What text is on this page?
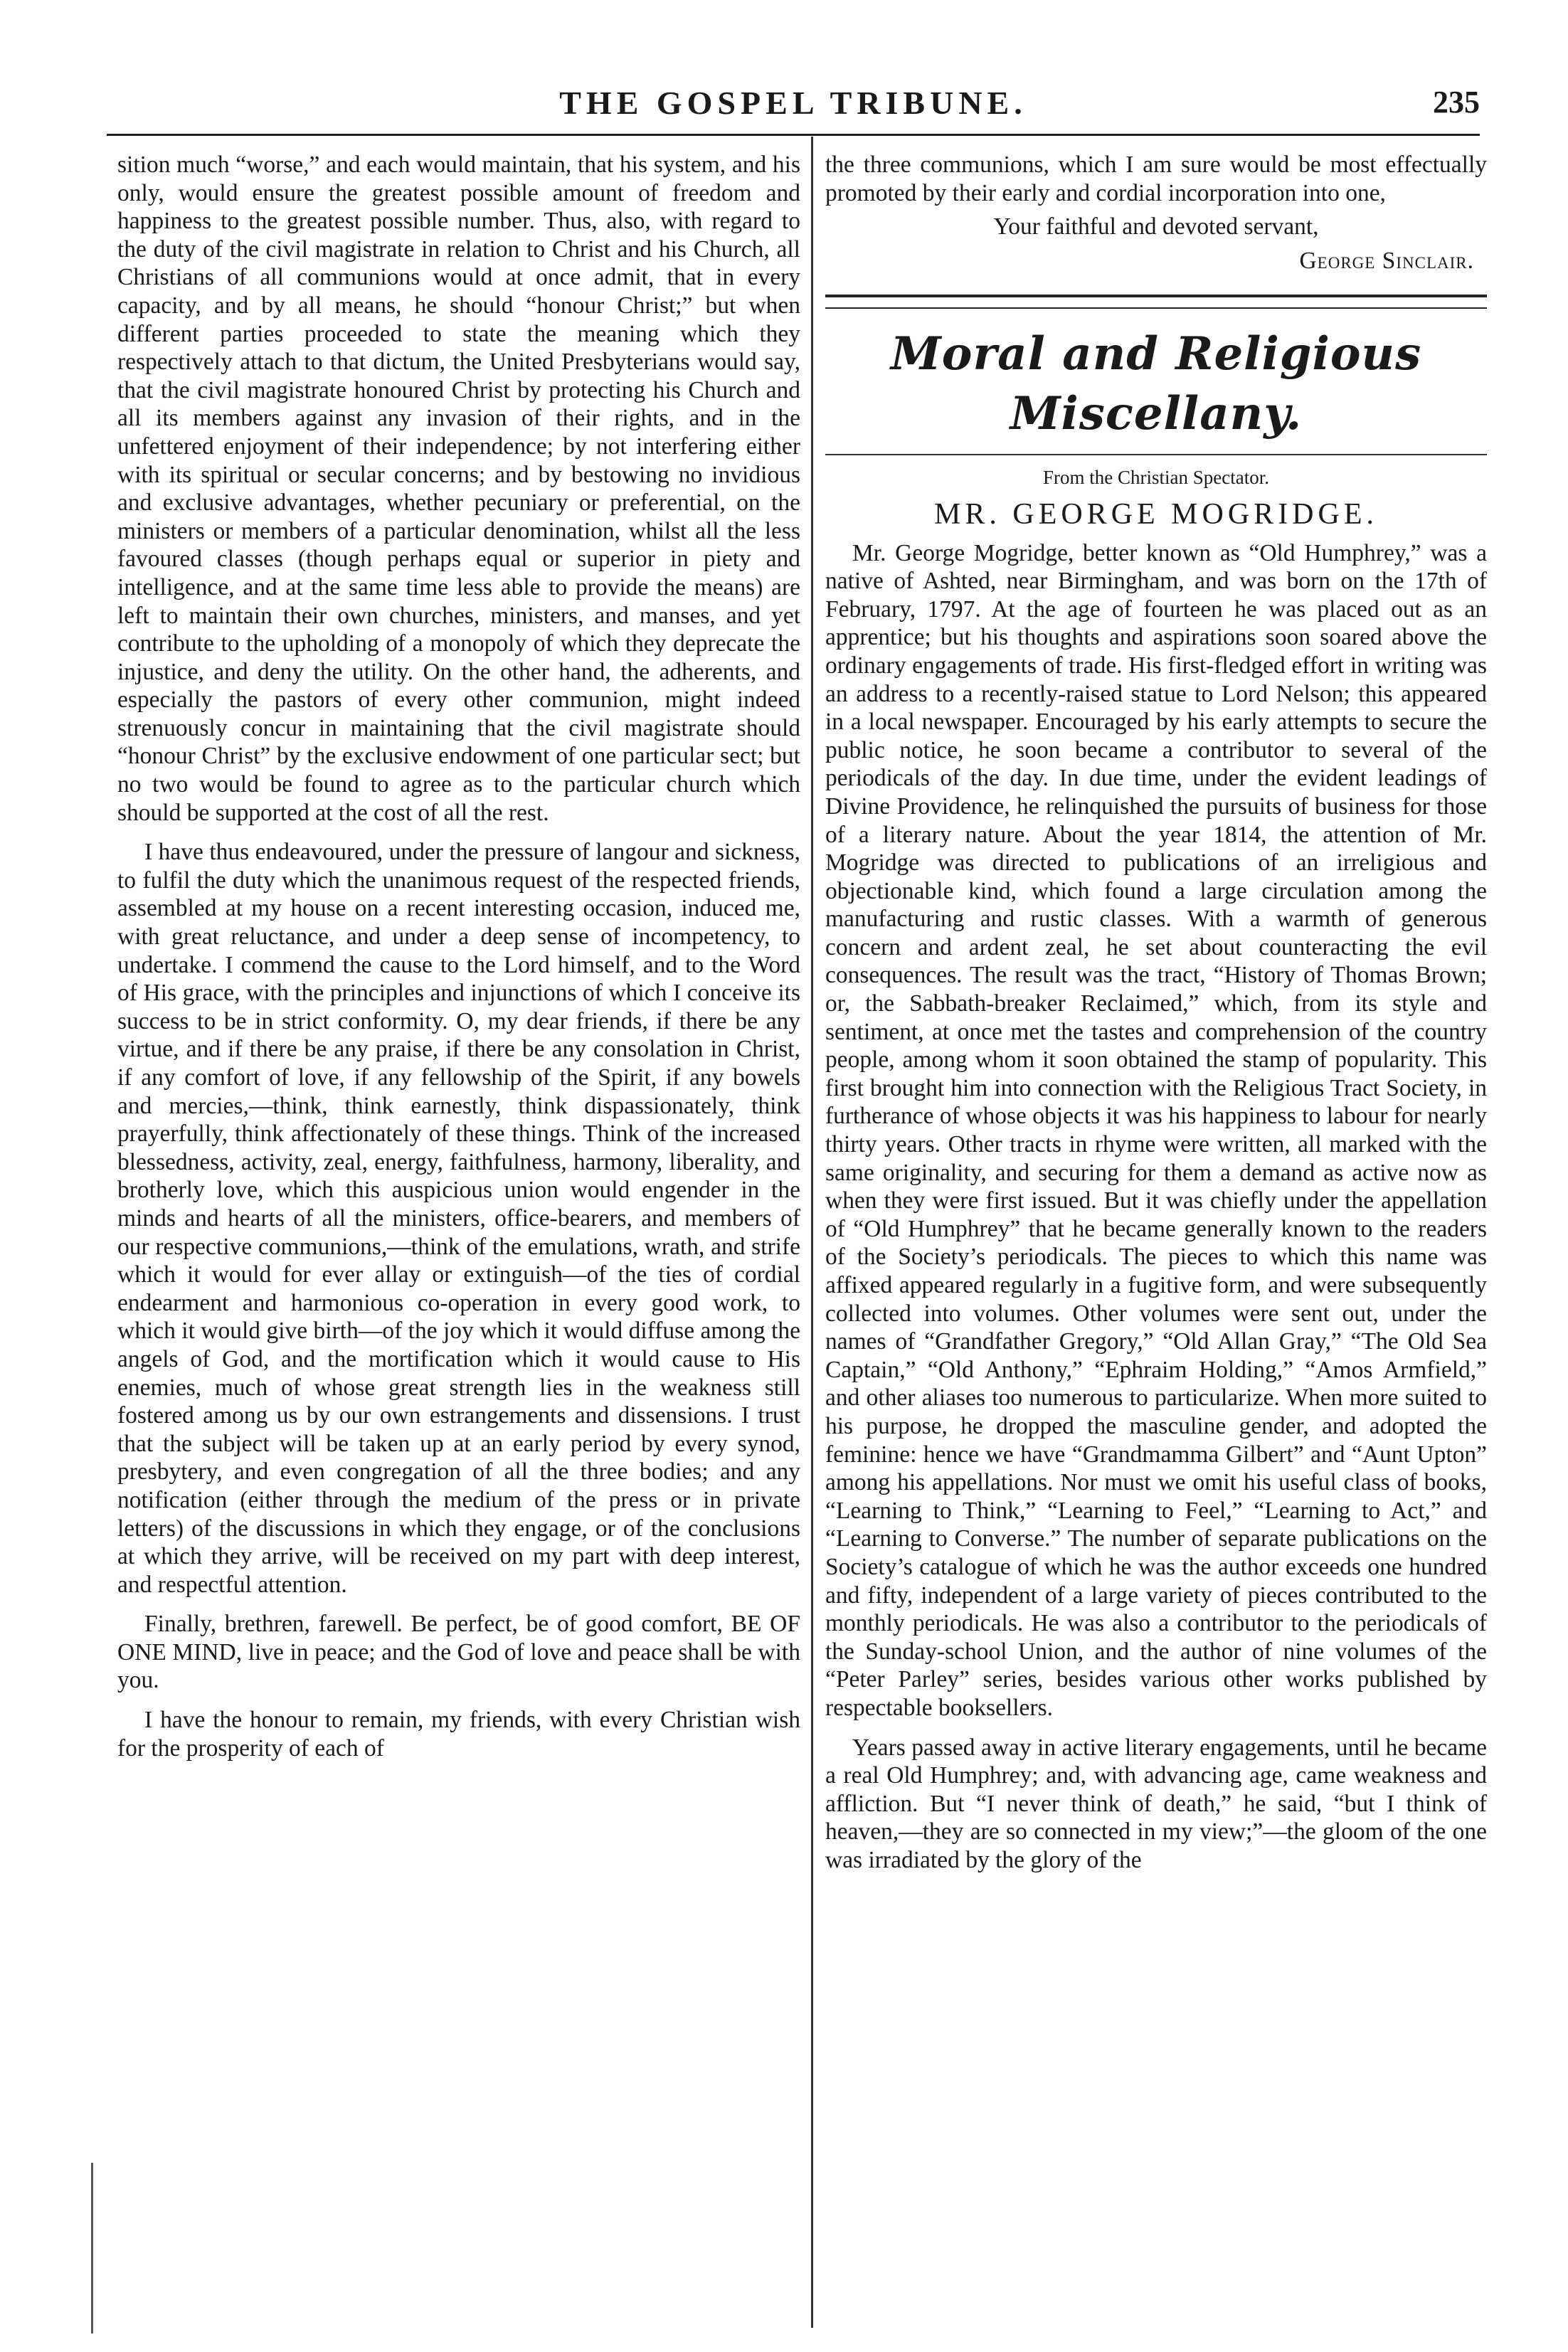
THE GOSPEL TRIBUNE.	235

sition much “worse,” and each would maintain, that his system, and his only, would ensure the greatest possible amount of freedom and happiness to the greatest possible number. Thus, also, with regard to the duty of the civil magistrate in relation to Christ and his Church, all Christians of all communions would at once admit, that in every capacity, and by all means, he should “honour Christ;” but when different parties proceeded to state the meaning which they respectively attach to that dictum, the United Presbyterians would say, that the civil magistrate honoured Christ by protecting his Church and all its members against any invasion of their rights, and in the unfettered enjoyment of their independence; by not interfering either with its spiritual or secular concerns; and by bestowing no invidious and exclusive advantages, whether pecuniary or preferential, on the ministers or members of a particular denomination, whilst all the less favoured classes (though perhaps equal or superior in piety and intelligence, and at the same time less able to provide the means) are left to maintain their own churches, ministers, and manses, and yet contribute to the upholding of a monopoly of which they deprecate the injustice, and deny the utility. On the other hand, the adherents, and especially the pastors of every other communion, might indeed strenuously concur in maintaining that the civil magistrate should “honour Christ” by the exclusive endowment of one particular sect; but no two would be found to agree as to the particular church which should be supported at the cost of all the rest.

I have thus endeavoured, under the pressure of langour and sickness, to fulfil the duty which the unanimous request of the respected friends, assembled at my house on a recent interesting occasion, induced me, with great reluctance, and under a deep sense of incompetency, to undertake. I commend the cause to the Lord himself, and to the Word of His grace, with the principles and injunctions of which I conceive its success to be in strict conformity. O, my dear friends, if there be any virtue, and if there be any praise, if there be any consolation in Christ, if any comfort of love, if any fellowship of the Spirit, if any bowels and mercies,—think, think earnestly, think dispassionately, think prayerfully, think affectionately of these things. Think of the increased blessedness, activity, zeal, energy, faithfulness, harmony, liberality, and brotherly love, which this auspicious union would engender in the minds and hearts of all the ministers, office-bearers, and members of our respective communions,—think of the emulations, wrath, and strife which it would for ever allay or extinguish—of the ties of cordial endearment and harmonious co-operation in every good work, to which it would give birth—of the joy which it would diffuse among the angels of God, and the mortification which it would cause to His enemies, much of whose great strength lies in the weakness still fostered among us by our own estrangements and dissensions. I trust that the subject will be taken up at an early period by every synod, presbytery, and even congregation of all the three bodies; and any notification (either through the medium of the press or in private letters) of the discussions in which they engage, or of the conclusions at which they arrive, will be received on my part with deep interest, and respectful attention.

Finally, brethren, farewell. Be perfect, be of good comfort, BE OF ONE MIND, live in peace; and the God of love and peace shall be with you.

I have the honour to remain, my friends, with every Christian wish for the prosperity of each of

the three communions, which I am sure would be most effectually promoted by their early and cordial incorporation into one,

Your faithful and devoted servant,

George Sinclair.

Moral and Religious Miscellany.

From the Christian Spectator.

MR. GEORGE MOGRIDGE.

Mr. George Mogridge, better known as “Old Humphrey,” was a native of Ashted, near Birmingham, and was born on the 17th of February, 1797. At the age of fourteen he was placed out as an apprentice; but his thoughts and aspirations soon soared above the ordinary engagements of trade. His first-fledged effort in writing was an address to a recently-raised statue to Lord Nelson; this appeared in a local newspaper. Encouraged by his early attempts to secure the public notice, he soon became a contributor to several of the periodicals of the day. In due time, under the evident leadings of Divine Providence, he relinquished the pursuits of business for those of a literary nature. About the year 1814, the attention of Mr. Mogridge was directed to publications of an irreligious and objectionable kind, which found a large circulation among the manufacturing and rustic classes. With a warmth of generous concern and ardent zeal, he set about counteracting the evil consequences. The result was the tract, “History of Thomas Brown; or, the Sabbath-breaker Reclaimed,” which, from its style and sentiment, at once met the tastes and comprehension of the country people, among whom it soon obtained the stamp of popularity. This first brought him into connection with the Religious Tract Society, in furtherance of whose objects it was his happiness to labour for nearly thirty years. Other tracts in rhyme were written, all marked with the same originality, and securing for them a demand as active now as when they were first issued. But it was chiefly under the appellation of “Old Humphrey” that he became generally known to the readers of the Society’s periodicals. The pieces to which this name was affixed appeared regularly in a fugitive form, and were subsequently collected into volumes. Other volumes were sent out, under the names of “Grandfather Gregory,” “Old Allan Gray,” “The Old Sea Captain,” “Old Anthony,” “Ephraim Holding,” “Amos Armfield,” and other aliases too numerous to particularize. When more suited to his purpose, he dropped the masculine gender, and adopted the feminine: hence we have “Grandmamma Gilbert” and “Aunt Upton” among his appellations. Nor must we omit his useful class of books, “Learning to Think,” “Learning to Feel,” “Learning to Act,” and “Learning to Converse.” The number of separate publications on the Society’s catalogue of which he was the author exceeds one hundred and fifty, independent of a large variety of pieces contributed to the monthly periodicals. He was also a contributor to the periodicals of the Sunday-school Union, and the author of nine volumes of the “Peter Parley” series, besides various other works published by respectable booksellers.

Years passed away in active literary engagements, until he became a real Old Humphrey; and, with advancing age, came weakness and affliction. But “I never think of death,” he said, “but I think of heaven,—they are so connected in my view;”—the gloom of the one was irradiated by the glory of the
